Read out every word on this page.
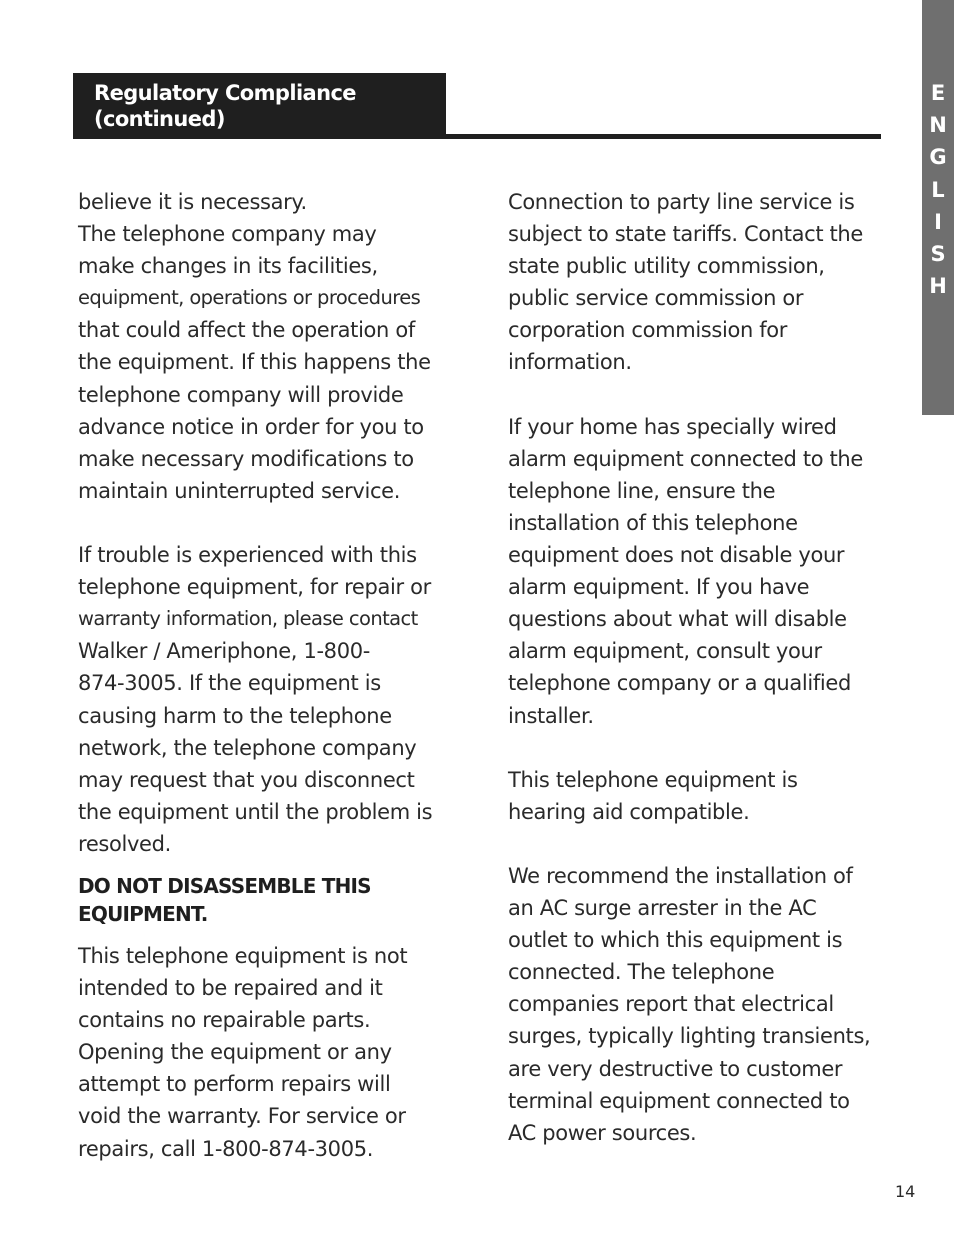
Regulatory Compliance
(continued)
E
N
G
L
I
S
H
believe it is necessary.
The telephone company may
make changes in its facilities,
equipment, operations or procedures
that could affect the operation of
the equipment. If this happens the
telephone company will provide
advance notice in order for you to
make necessary modifications to
maintain uninterrupted service.
If trouble is experienced with this
telephone equipment, for repair or
warranty information, please contact
Walker / Ameriphone, 1-800-
874-3005. If the equipment is
causing harm to the telephone
network, the telephone company
may request that you disconnect
the equipment until the problem is
resolved.
DO NOT DISASSEMBLE THIS
EQUIPMENT.
This telephone equipment is not
intended to be repaired and it
contains no repairable parts.
Opening the equipment or any
attempt to perform repairs will
void the warranty. For service or
repairs, call 1-800-874-3005.
Connection to party line service is
subject to state tariffs. Contact the
state public utility commission,
public service commission or
corporation commission for
information.
If your home has specially wired
alarm equipment connected to the
telephone line, ensure the
installation of this telephone
equipment does not disable your
alarm equipment. If you have
questions about what will disable
alarm equipment, consult your
telephone company or a qualified
installer.
This telephone equipment is
hearing aid compatible.
We recommend the installation of
an AC surge arrester in the AC
outlet to which this equipment is
connected. The telephone
companies report that electrical
surges, typically lighting transients,
are very destructive to customer
terminal equipment connected to
AC power sources.
14
